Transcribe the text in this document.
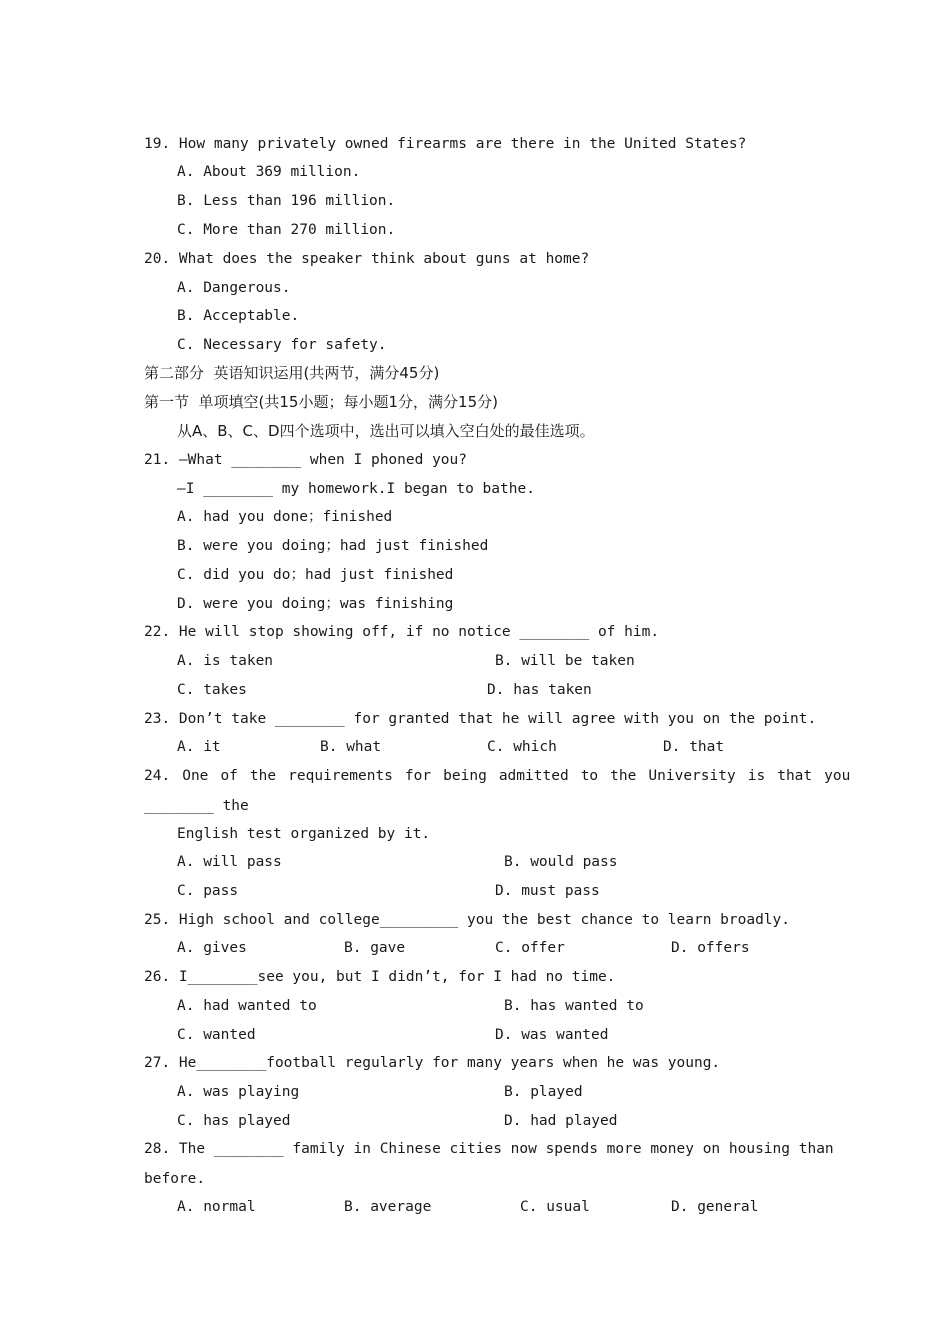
19. How many privately owned firearms are there in the United States?
A. About 369 million.
B. Less than 196 million.
C. More than 270 million.
20. What does the speaker think about guns at home?
A. Dangerous.
B. Acceptable.
C. Necessary for safety.
第二部分  英语知识运用(共两节，满分45分)
第一节  单项填空(共15小题；每小题1分，满分15分)
从A、B、C、D四个选项中，选出可以填入空白处的最佳选项。
21. —What ________ when I phoned you?
—I ________ my homework.I began to bathe.
A. had you done；finished
B. were you doing；had just finished
C. did you do；had just finished
D. were you doing；was finishing
22. He will stop showing off, if no notice ________ of him.
A. is taken	B. will be taken
C. takes	D. has taken
23. Don’t take ________ for granted that he will agree with you on the point.
A. it	B. what	C. which	D. that
24. One of the requirements for being admitted to the University is that you
________ the
English test organized by it.
A. will pass	B. would pass
C. pass	D. must pass
25. High school and college_________ you the best chance to learn broadly.
A. gives	B. gave	C. offer	D. offers
26. I________see you, but I didn’t, for I had no time.
A. had wanted to	B. has wanted to
C. wanted	D. was wanted
27. He________football regularly for many years when he was young.
A. was playing	B. played
C. has played	D. had played
28. The ________ family in Chinese cities now spends more money on housing than
before.
A. normal	B. average	C. usual	D. general
